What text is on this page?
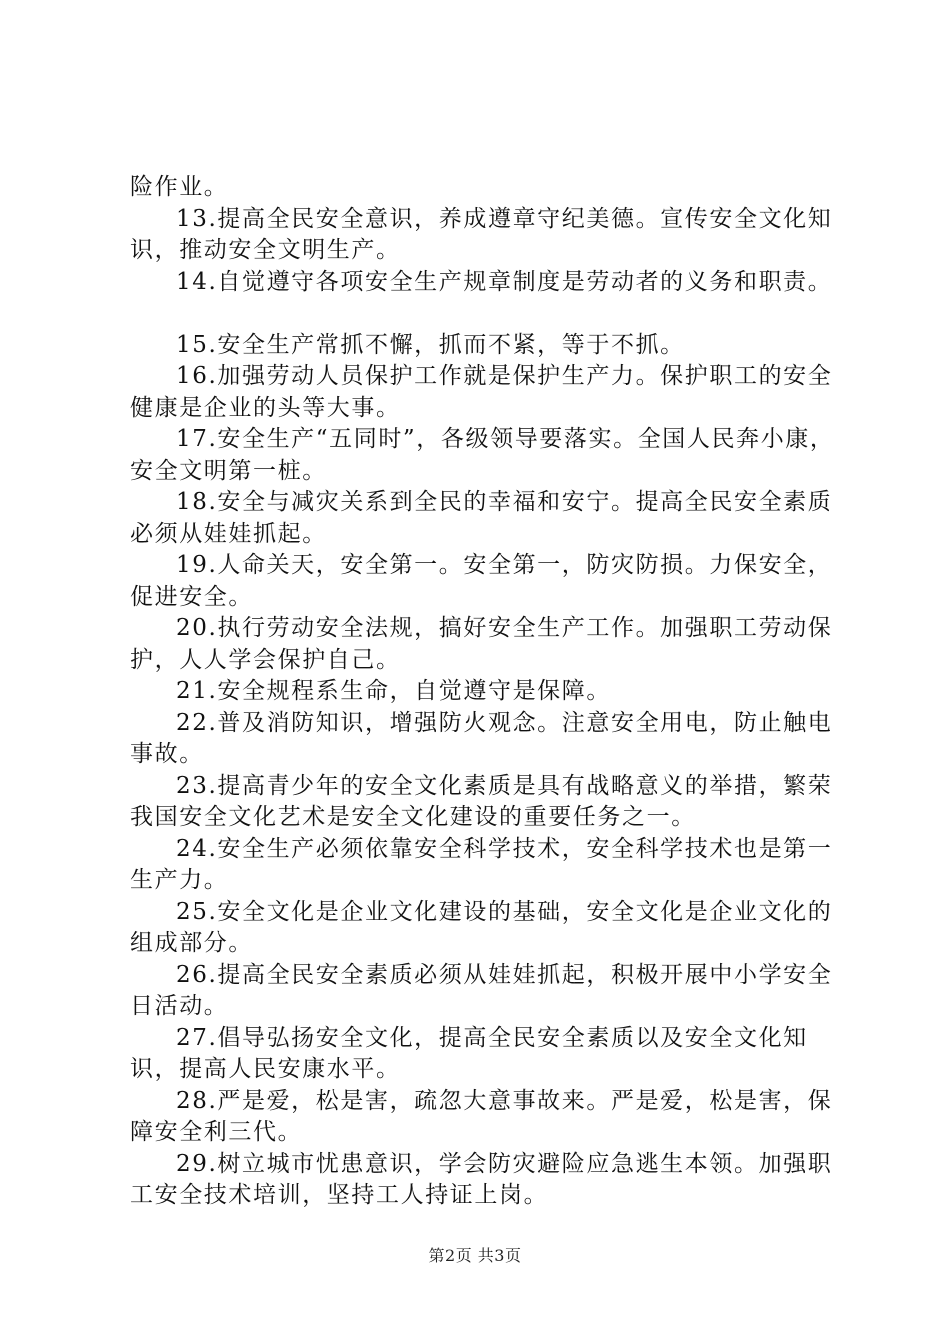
险作业。

13.提高全民安全意识，养成遵章守纪美德。宣传安全文化知识，推动安全文明生产。

14.自觉遵守各项安全生产规章制度是劳动者的义务和职责。

15.安全生产常抓不懈，抓而不紧，等于不抓。

16.加强劳动人员保护工作就是保护生产力。保护职工的安全健康是企业的头等大事。

17.安全生产“五同时”，各级领导要落实。全国人民奔小康，安全文明第一桩。

18.安全与减灾关系到全民的幸福和安宁。提高全民安全素质必须从娃娃抓起。

19.人命关天，安全第一。安全第一，防灾防损。力保安全，促进安全。

20.执行劳动安全法规，搞好安全生产工作。加强职工劳动保护，人人学会保护自己。

21.安全规程系生命，自觉遵守是保障。

22.普及消防知识，增强防火观念。注意安全用电，防止触电事故。

23.提高青少年的安全文化素质是具有战略意义的举措，繁荣我国安全文化艺术是安全文化建设的重要任务之一。

24.安全生产必须依靠安全科学技术，安全科学技术也是第一生产力。

25.安全文化是企业文化建设的基础，安全文化是企业文化的组成部分。

26.提高全民安全素质必须从娃娃抓起，积极开展中小学安全日活动。

27.倡导弘扬安全文化，提高全民安全素质以及安全文化知识，提高人民安康水平。

28.严是爱，松是害，疏忽大意事故来。严是爱，松是害，保障安全利三代。

29.树立城市忧患意识，学会防灾避险应急逃生本领。加强职工安全技术培训，坚持工人持证上岗。

第2页 共3页
